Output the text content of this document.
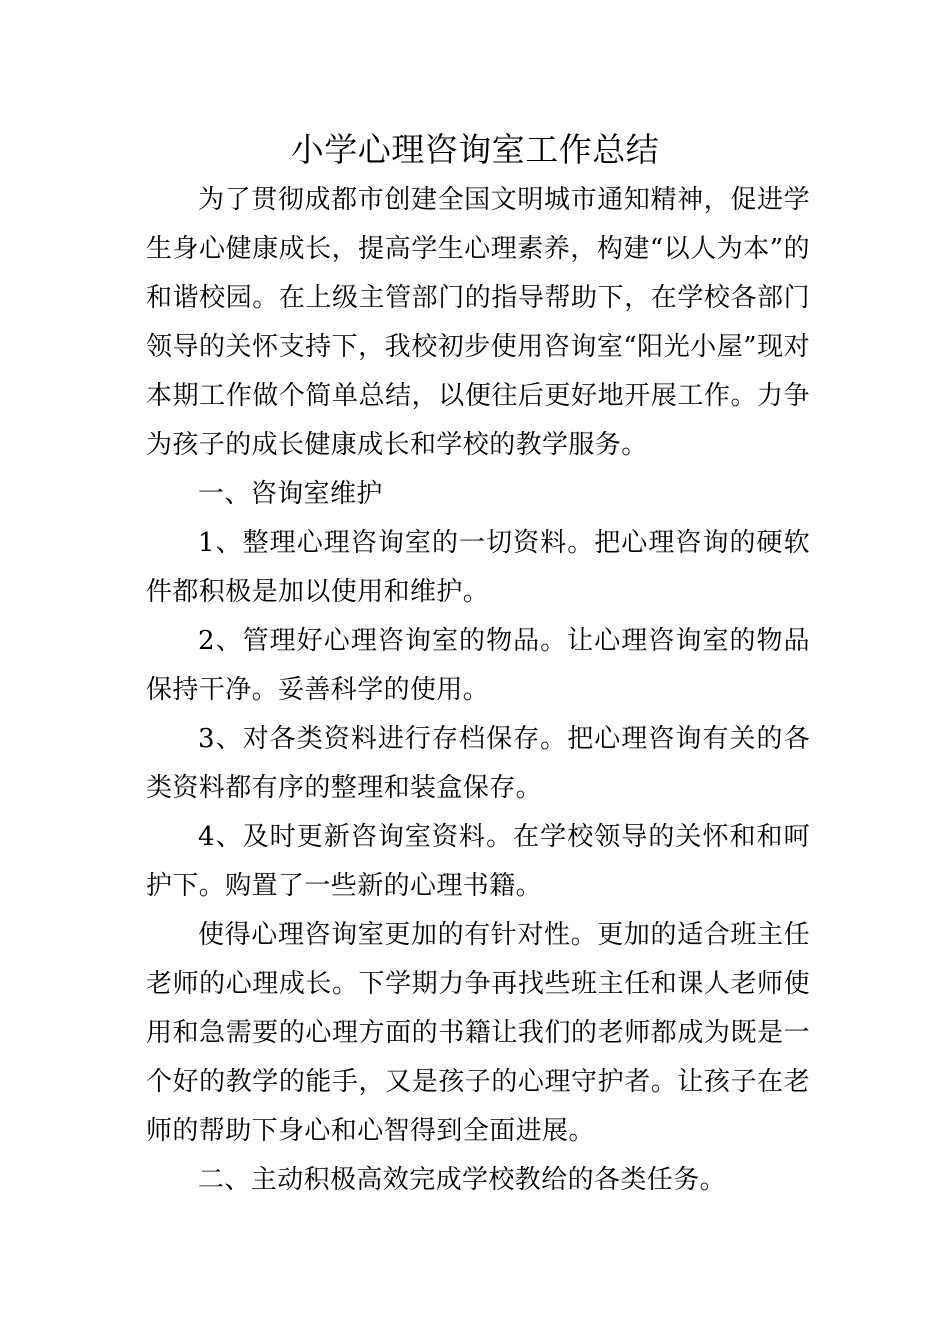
小学心理咨询室工作总结

为了贯彻成都市创建全国文明城市通知精神，促进学生身心健康成长，提高学生心理素养，构建“以人为本”的和谐校园。在上级主管部门的指导帮助下，在学校各部门领导的关怀支持下，我校初步使用咨询室“阳光小屋”现对本期工作做个简单总结，以便往后更好地开展工作。力争为孩子的成长健康成长和学校的教学服务。

一、咨询室维护

1、整理心理咨询室的一切资料。把心理咨询的硬软件都积极是加以使用和维护。

2、管理好心理咨询室的物品。让心理咨询室的物品保持干净。妥善科学的使用。

3、对各类资料进行存档保存。把心理咨询有关的各类资料都有序的整理和装盒保存。

4、及时更新咨询室资料。在学校领导的关怀和和呵护下。购置了一些新的心理书籍。

使得心理咨询室更加的有针对性。更加的适合班主任老师的心理成长。下学期力争再找些班主任和课人老师使用和急需要的心理方面的书籍让我们的老师都成为既是一个好的教学的能手，又是孩子的心理守护者。让孩子在老师的帮助下身心和心智得到全面进展。

二、主动积极高效完成学校教给的各类任务。
